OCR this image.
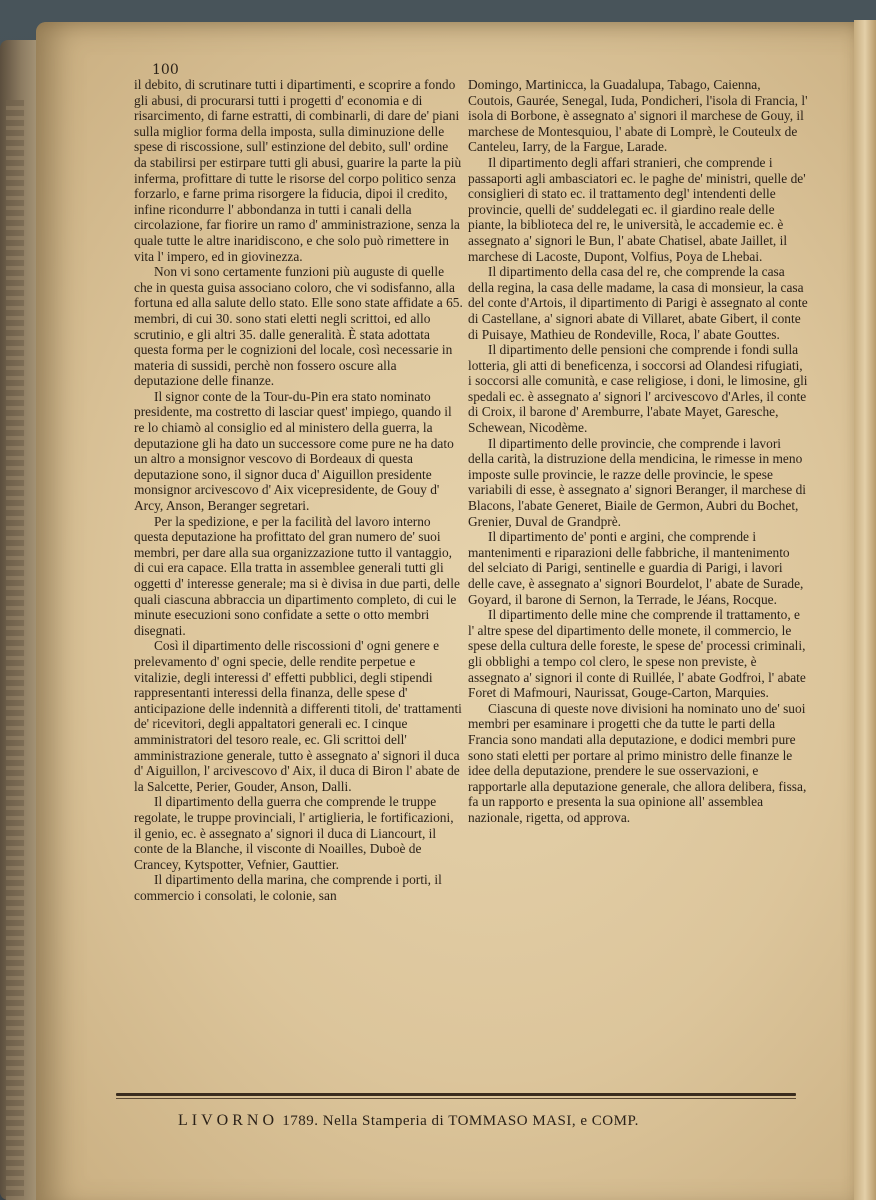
100

il debito, di scrutinare tutti i dipartimenti, e scoprire a fondo gli abusi, di procurarsi tutti i progetti d' economia e di risarcimento, di farne estratti, di combinarli, di dare de' piani sulla miglior forma della imposta, sulla diminuzione delle spese di riscossione, sull' estinzione del debito, sull' ordine da stabilirsi per estirpare tutti gli abusi, guarire la parte la più inferma, profittare di tutte le risorse del corpo politico senza forzarlo, e farne prima risorgere la fiducia, dipoi il credito, infine ricondurre l' abbondanza in tutti i canali della circolazione, far fiorire un ramo d' amministrazione, senza la quale tutte le altre inaridiscono, e che solo può rimettere in vita l' impero, ed in giovinezza.

Non vi sono certamente funzioni più auguste di quelle che in questa guisa associano coloro, che vi sodisfanno, alla fortuna ed alla salute dello stato. Elle sono state affidate a 65. membri, di cui 30. sono stati eletti negli scrittoi, ed allo scrutinio, e gli altri 35. dalle generalità. È stata adottata questa forma per le cognizioni del locale, così necessarie in materia di sussidi, perchè non fossero oscure alla deputazione delle finanze.

Il signor conte de la Tour-du-Pin era stato nominato presidente, ma costretto di lasciar quest' impiego, quando il re lo chiamò al consiglio ed al ministero della guerra, la deputazione gli ha dato un successore come pure ne ha dato un altro a monsignor vescovo di Bordeaux di questa deputazione sono, il signor duca d' Aiguillon presidente monsignor arcivescovo d' Aix vicepresidente, de Gouy d' Arcy, Anson, Beranger segretari.

Per la spedizione, e per la facilità del lavoro interno questa deputazione ha profittato del gran numero de' suoi membri, per dare alla sua organizzazione tutto il vantaggio, di cui era capace. Ella tratta in assemblee generali tutti gli oggetti d' interesse generale; ma si è divisa in due parti, delle quali ciascuna abbraccia un dipartimento completo, di cui le minute esecuzioni sono confidate a sette o otto membri disegnati.

Così il dipartimento delle riscossioni d' ogni genere e prelevamento d' ogni specie, delle rendite perpetue e vitalizie, degli interessi d' effetti pubblici, degli stipendi rappresentanti interessi della finanza, delle spese d' anticipazione delle indennità a differenti titoli, de' trattamenti de' ricevitori, degli appaltatori generali ec. I cinque amministratori del tesoro reale, ec. Gli scrittoi dell' amministrazione generale, tutto è assegnato a' signori il duca d' Aiguillon, l' arcivescovo d' Aix, il duca di Biron l' abate de la Salcette, Perier, Gouder, Anson, Dalli.

Il dipartimento della guerra che comprende le truppe regolate, le truppe provinciali, l' artiglieria, le fortificazioni, il genio, ec. è assegnato a' signori il duca di Liancourt, il conte de la Blanche, il visconte di Noailles, Duboè de Crancey, Kytspotter, Vefnier, Gauttier.

Il dipartimento della marina, che comprende i porti, il commercio i consolati, le colonie, san

Domingo, Martinicca, la Guadalupa, Tabago, Caienna, Coutois, Gaurée, Senegal, Iuda, Pondicheri, l'isola di Francia, l' isola di Borbone, è assegnato a' signori il marchese de Gouy, il marchese de Montesquiou, l' abate di Lomprè, le Couteulx de Canteleu, Iarry, de la Fargue, Larade.

Il dipartimento degli affari stranieri, che comprende i passaporti agli ambasciatori ec. le paghe de' ministri, quelle de' consiglieri di stato ec. il trattamento degl' intendenti delle provincie, quelli de' suddelegati ec. il giardino reale delle piante, la biblioteca del re, le università, le accademie ec. è assegnato a' signori le Bun, l' abate Chatisel, abate Jaillet, il marchese di Lacoste, Dupont, Volfius, Poya de Lhebai.

Il dipartimento della casa del re, che comprende la casa della regina, la casa delle madame, la casa di monsieur, la casa del conte d'Artois, il dipartimento di Parigi è assegnato al conte di Castellane, a' signori abate di Villaret, abate Gibert, il conte di Puisaye, Mathieu de Rondeville, Roca, l' abate Gouttes.

Il dipartimento delle pensioni che comprende i fondi sulla lotteria, gli atti di beneficenza, i soccorsi ad Olandesi rifugiati, i soccorsi alle comunità, e case religiose, i doni, le limosine, gli spedali ec. è assegnato a' signori l' arcivescovo d'Arles, il conte di Croix, il barone d' Aremburre, l'abate Mayet, Garesche, Schewean, Nicodème.

Il dipartimento delle provincie, che comprende i lavori della carità, la distruzione della mendicina, le rimesse in meno imposte sulle provincie, le razze delle provincie, le spese variabili di esse, è assegnato a' signori Beranger, il marchese di Blacons, l'abate Generet, Biaile de Germon, Aubri du Bochet, Grenier, Duval de Grandprè.

Il dipartimento de' ponti e argini, che comprende i mantenimenti e riparazioni delle fabbriche, il mantenimento del selciato di Parigi, sentinelle e guardia di Parigi, i lavori delle cave, è assegnato a' signori Bourdelot, l' abate de Surade, Goyard, il barone di Sernon, la Terrade, le Jéans, Rocque.

Il dipartimento delle mine che comprende il trattamento, e l' altre spese del dipartimento delle monete, il commercio, le spese della cultura delle foreste, le spese de' processi criminali, gli obblighi a tempo col clero, le spese non previste, è assegnato a' signori il conte di Ruillée, l' abate Godfroi, l' abate Foret di Mafmouri, Naurissat, Gouge-Carton, Marquies.

Ciascuna di queste nove divisioni ha nominato uno de' suoi membri per esaminare i progetti che da tutte le parti della Francia sono mandati alla deputazione, e dodici membri pure sono stati eletti per portare al primo ministro delle finanze le idee della deputazione, prendere le sue osservazioni, e rapportarle alla deputazione generale, che allora delibera, fissa, fa un rapporto e presenta la sua opinione all' assemblea nazionale, rigetta, od approva.

LIVORNO 1789. Nella Stamperia di TOMMASO MASI, e COMP.
